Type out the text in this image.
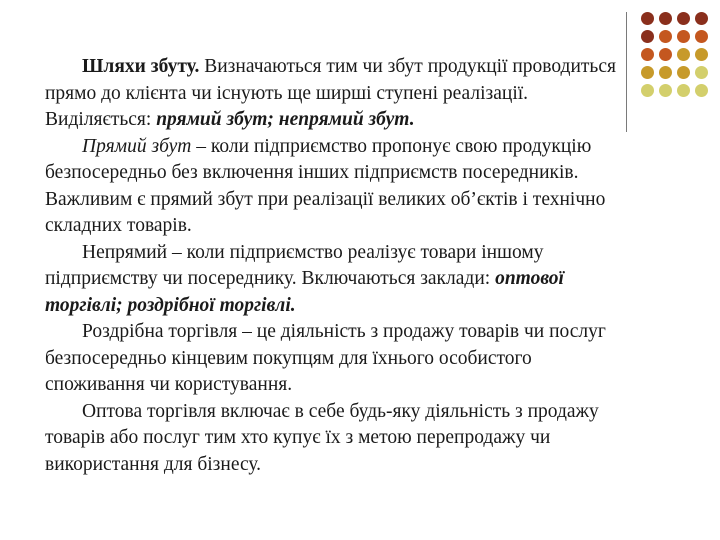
Шляхи збуту. Визначаються тим чи збут продукції проводиться прямо до клієнта чи існують ще ширші ступені реалізації. Виділяється: прямий збут; непрямий збут.

Прямий збут – коли підприємство пропонує свою продукцію безпосередньо без включення інших підприємств посередників. Важливим є прямий збут при реалізації великих об’єктів і технічно складних товарів.

Непрямий – коли підприємство реалізує товари іншому підприємству чи посереднику. Включаються заклади: оптової торгівлі; роздрібної торгівлі.

Роздрібна торгівля – це діяльність з продажу товарів чи послуг безпосередньо кінцевим покупцям для їхнього особистого споживання чи користування.

Оптова торгівля включає в себе будь-яку діяльність з продажу товарів або послуг тим хто купує їх з метою перепродажу чи використання для бізнесу.
